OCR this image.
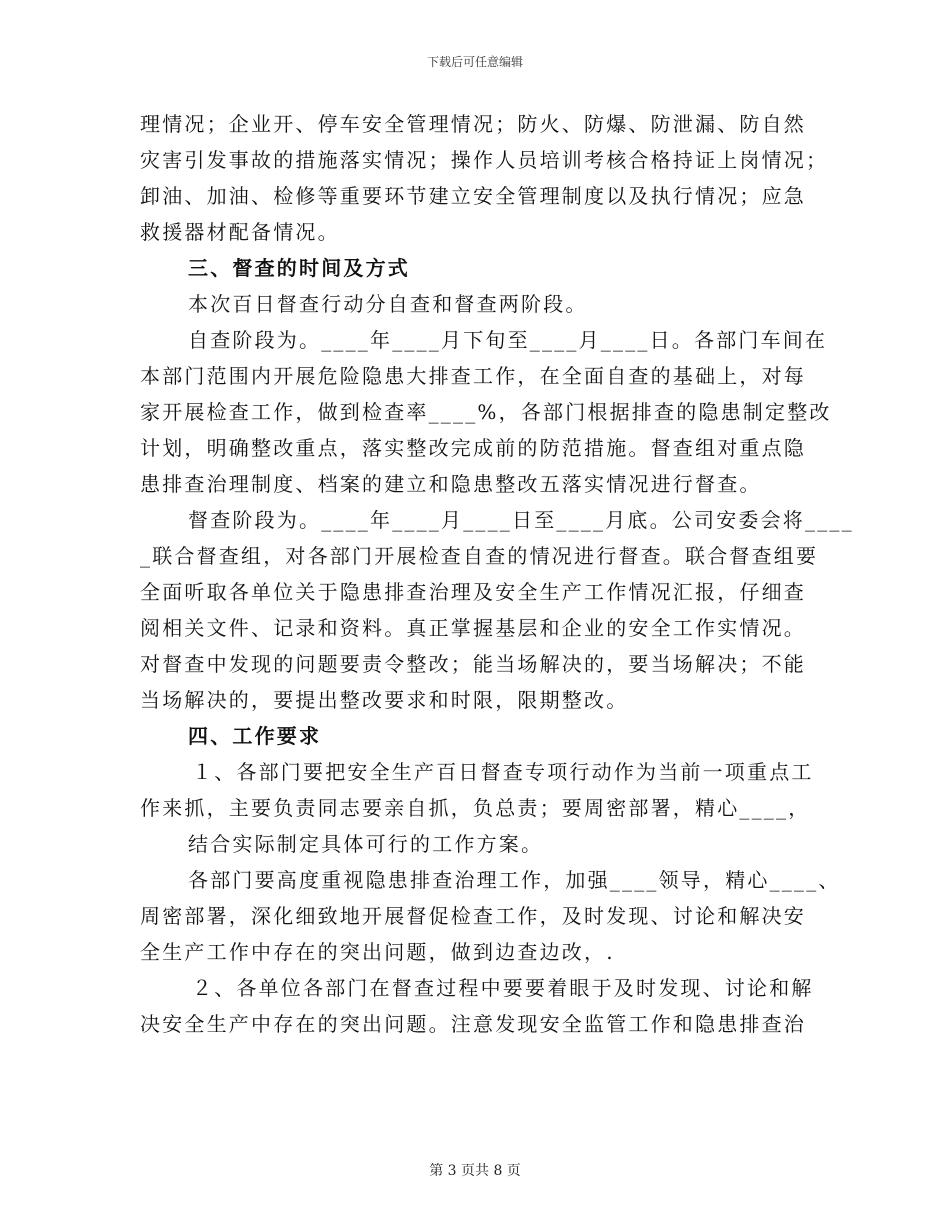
下载后可任意编辑
理情况；企业开、停车安全管理情况；防火、防爆、防泄漏、防自然
灾害引发事故的措施落实情况；操作人员培训考核合格持证上岗情况；
卸油、加油、检修等重要环节建立安全管理制度以及执行情况；应急
救援器材配备情况。
三、督查的时间及方式
本次百日督查行动分自查和督查两阶段。
自查阶段为。____年____月下旬至____月____日。各部门车间在
本部门范围内开展危险隐患大排查工作，在全面自查的基础上，对每
家开展检查工作，做到检查率____%，各部门根据排查的隐患制定整改
计划，明确整改重点，落实整改完成前的防范措施。督查组对重点隐
患排查治理制度、档案的建立和隐患整改五落实情况进行督查。
督查阶段为。____年____月____日至____月底。公司安委会将____
_联合督查组，对各部门开展检查自查的情况进行督查。联合督查组要
全面听取各单位关于隐患排查治理及安全生产工作情况汇报，仔细查
阅相关文件、记录和资料。真正掌握基层和企业的安全工作实情况。
对督查中发现的问题要责令整改；能当场解决的，要当场解决；不能
当场解决的，要提出整改要求和时限，限期整改。
四、工作要求
１、各部门要把安全生产百日督查专项行动作为当前一项重点工
作来抓，主要负责同志要亲自抓，负总责；要周密部署，精心____，
结合实际制定具体可行的工作方案。
各部门要高度重视隐患排查治理工作，加强____领导，精心____、
周密部署，深化细致地开展督促检查工作，及时发现、讨论和解决安
全生产工作中存在的突出问题，做到边查边改，.
２、各单位各部门在督查过程中要要着眼于及时发现、讨论和解
决安全生产中存在的突出问题。注意发现安全监管工作和隐患排查治
第 3 页共 8 页
